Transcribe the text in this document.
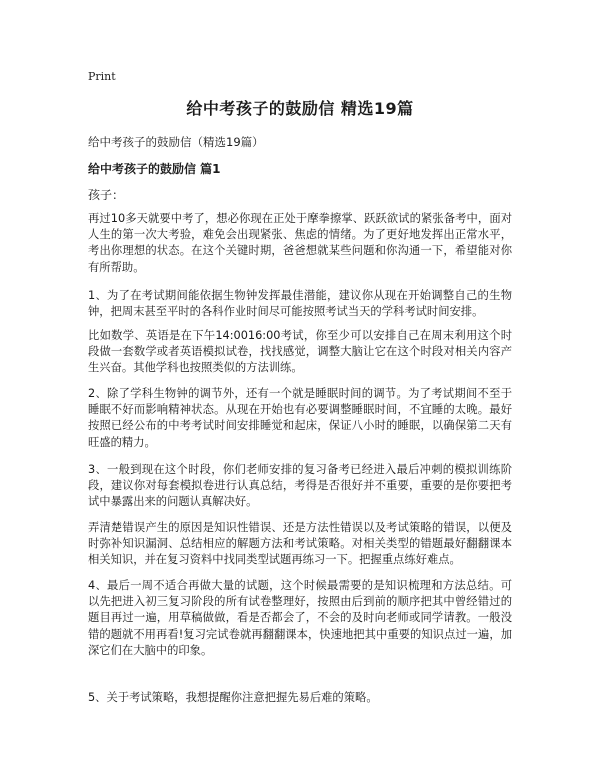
Print
给中考孩子的鼓励信 精选19篇
给中考孩子的鼓励信（精选19篇）
给中考孩子的鼓励信 篇1
孩子：

再过10多天就要中考了，想必你现在正处于摩拳擦掌、跃跃欲试的紧张备考中，面对人生的第一次大考验，难免会出现紧张、焦虑的情绪。为了更好地发挥出正常水平，考出你理想的状态。在这个关键时期，爸爸想就某些问题和你沟通一下，希望能对你有所帮助。

1、为了在考试期间能依据生物钟发挥最佳潜能，建议你从现在开始调整自己的生物钟，把周末甚至平时的各科作业时间尽可能按照考试当天的学科考试时间安排。

比如数学、英语是在下午14:0016:00考试，你至少可以安排自己在周末利用这个时段做一套数学或者英语模拟试卷，找找感觉，调整大脑让它在这个时段对相关内容产生兴奋。其他学科也按照类似的方法训练。

2、除了学科生物钟的调节外，还有一个就是睡眠时间的调节。为了考试期间不至于睡眠不好而影响精神状态。从现在开始也有必要调整睡眠时间，不宜睡的太晚。最好按照已经公布的中考考试时间安排睡觉和起床，保证八小时的睡眠，以确保第二天有旺盛的精力。

3、一般到现在这个时段，你们老师安排的复习备考已经进入最后冲刺的模拟训练阶段，建议你对每套模拟卷进行认真总结，考得是否很好并不重要，重要的是你要把考试中暴露出来的问题认真解决好。

弄清楚错误产生的原因是知识性错误、还是方法性错误以及考试策略的错误，以便及时弥补知识漏洞、总结相应的解题方法和考试策略。对相关类型的错题最好翻翻课本相关知识，并在复习资料中找同类型试题再练习一下。把握重点练好难点。

4、最后一周不适合再做大量的试题，这个时候最需要的是知识梳理和方法总结。可以先把进入初三复习阶段的所有试卷整理好，按照由后到前的顺序把其中曾经错过的题目再过一遍，用草稿做做，看是否都会了，不会的及时向老师或同学请教。一般没错的题就不用再看!复习完试卷就再翻翻课本，快速地把其中重要的知识点过一遍，加深它们在大脑中的印象。

5、关于考试策略，我想提醒你注意把握先易后难的策略。
